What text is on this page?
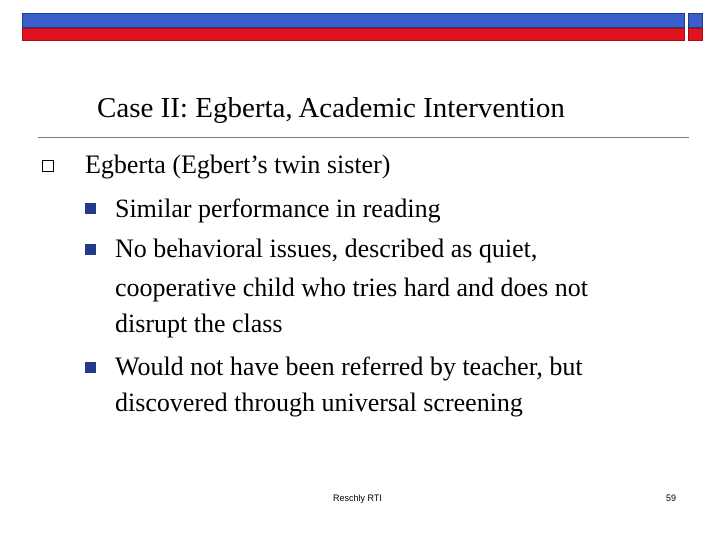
Case II: Egberta, Academic Intervention
Egberta (Egbert’s twin sister)
Similar performance in reading
No behavioral issues, described as quiet,
cooperative child who tries hard and does not
disrupt the class
Would not have been referred by teacher, but
discovered through universal screening
Reschly RTI	59
